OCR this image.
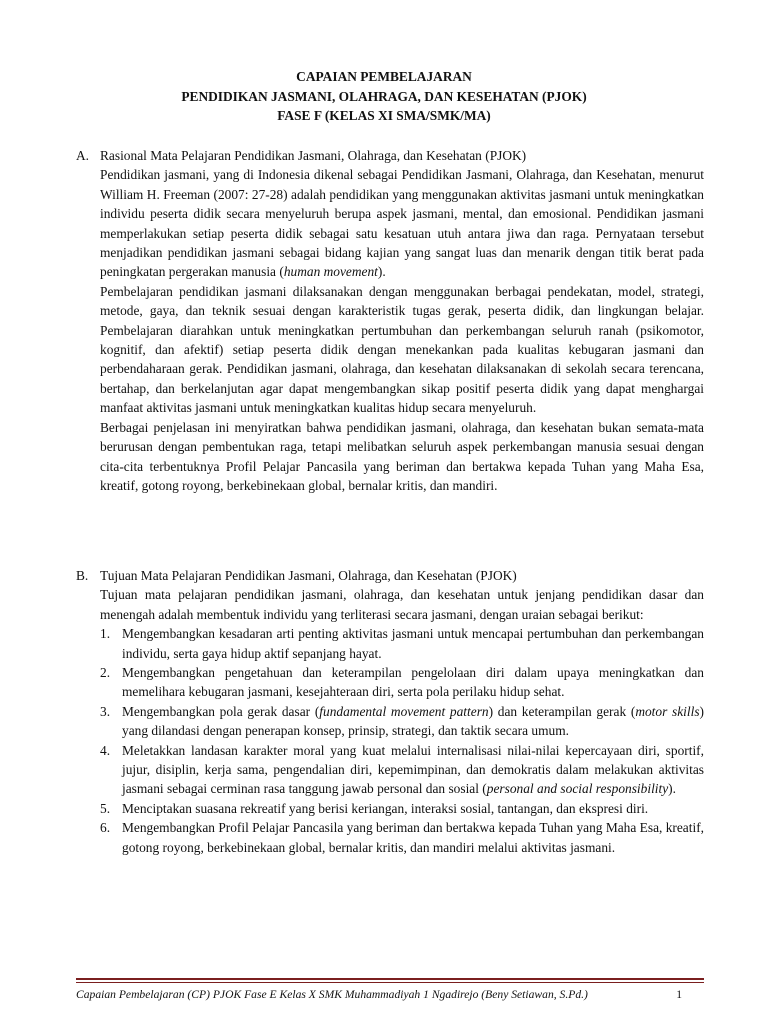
CAPAIAN PEMBELAJARAN
PENDIDIKAN JASMANI, OLAHRAGA, DAN KESEHATAN (PJOK)
FASE F (KELAS XI SMA/SMK/MA)
A. Rasional Mata Pelajaran Pendidikan Jasmani, Olahraga, dan Kesehatan (PJOK)

Pendidikan jasmani, yang di Indonesia dikenal sebagai Pendidikan Jasmani, Olahraga, dan Kesehatan, menurut William H. Freeman (2007: 27-28) adalah pendidikan yang menggunakan aktivitas jasmani untuk meningkatkan individu peserta didik secara menyeluruh berupa aspek jasmani, mental, dan emosional. Pendidikan jasmani memperlakukan setiap peserta didik sebagai satu kesatuan utuh antara jiwa dan raga. Pernyataan tersebut menjadikan pendidikan jasmani sebagai bidang kajian yang sangat luas dan menarik dengan titik berat pada peningkatan pergerakan manusia (human movement).

Pembelajaran pendidikan jasmani dilaksanakan dengan menggunakan berbagai pendekatan, model, strategi, metode, gaya, dan teknik sesuai dengan karakteristik tugas gerak, peserta didik, dan lingkungan belajar. Pembelajaran diarahkan untuk meningkatkan pertumbuhan dan perkembangan seluruh ranah (psikomotor, kognitif, dan afektif) setiap peserta didik dengan menekankan pada kualitas kebugaran jasmani dan perbendaharaan gerak. Pendidikan jasmani, olahraga, dan kesehatan dilaksanakan di sekolah secara terencana, bertahap, dan berkelanjutan agar dapat mengembangkan sikap positif peserta didik yang dapat menghargai manfaat aktivitas jasmani untuk meningkatkan kualitas hidup secara menyeluruh.

Berbagai penjelasan ini menyiratkan bahwa pendidikan jasmani, olahraga, dan kesehatan bukan semata-mata berurusan dengan pembentukan raga, tetapi melibatkan seluruh aspek perkembangan manusia sesuai dengan cita-cita terbentuknya Profil Pelajar Pancasila yang beriman dan bertakwa kepada Tuhan yang Maha Esa, kreatif, gotong royong, berkebinekaan global, bernalar kritis, dan mandiri.

B. Tujuan Mata Pelajaran Pendidikan Jasmani, Olahraga, dan Kesehatan (PJOK)

Tujuan mata pelajaran pendidikan jasmani, olahraga, dan kesehatan untuk jenjang pendidikan dasar dan menengah adalah membentuk individu yang terliterasi secara jasmani, dengan uraian sebagai berikut:

1. Mengembangkan kesadaran arti penting aktivitas jasmani untuk mencapai pertumbuhan dan perkembangan individu, serta gaya hidup aktif sepanjang hayat.
2. Mengembangkan pengetahuan dan keterampilan pengelolaan diri dalam upaya meningkatkan dan memelihara kebugaran jasmani, kesejahteraan diri, serta pola perilaku hidup sehat.
3. Mengembangkan pola gerak dasar (fundamental movement pattern) dan keterampilan gerak (motor skills) yang dilandasi dengan penerapan konsep, prinsip, strategi, dan taktik secara umum.
4. Meletakkan landasan karakter moral yang kuat melalui internalisasi nilai-nilai kepercayaan diri, sportif, jujur, disiplin, kerja sama, pengendalian diri, kepemimpinan, dan demokratis dalam melakukan aktivitas jasmani sebagai cerminan rasa tanggung jawab personal dan sosial (personal and social responsibility).
5. Menciptakan suasana rekreatif yang berisi keriangan, interaksi sosial, tantangan, dan ekspresi diri.
6. Mengembangkan Profil Pelajar Pancasila yang beriman dan bertakwa kepada Tuhan yang Maha Esa, kreatif, gotong royong, berkebinekaan global, bernalar kritis, dan mandiri melalui aktivitas jasmani.
Capaian Pembelajaran (CP) PJOK Fase E Kelas X SMK Muhammadiyah 1 Ngadirejo (Beny Setiawan, S.Pd.)	1
